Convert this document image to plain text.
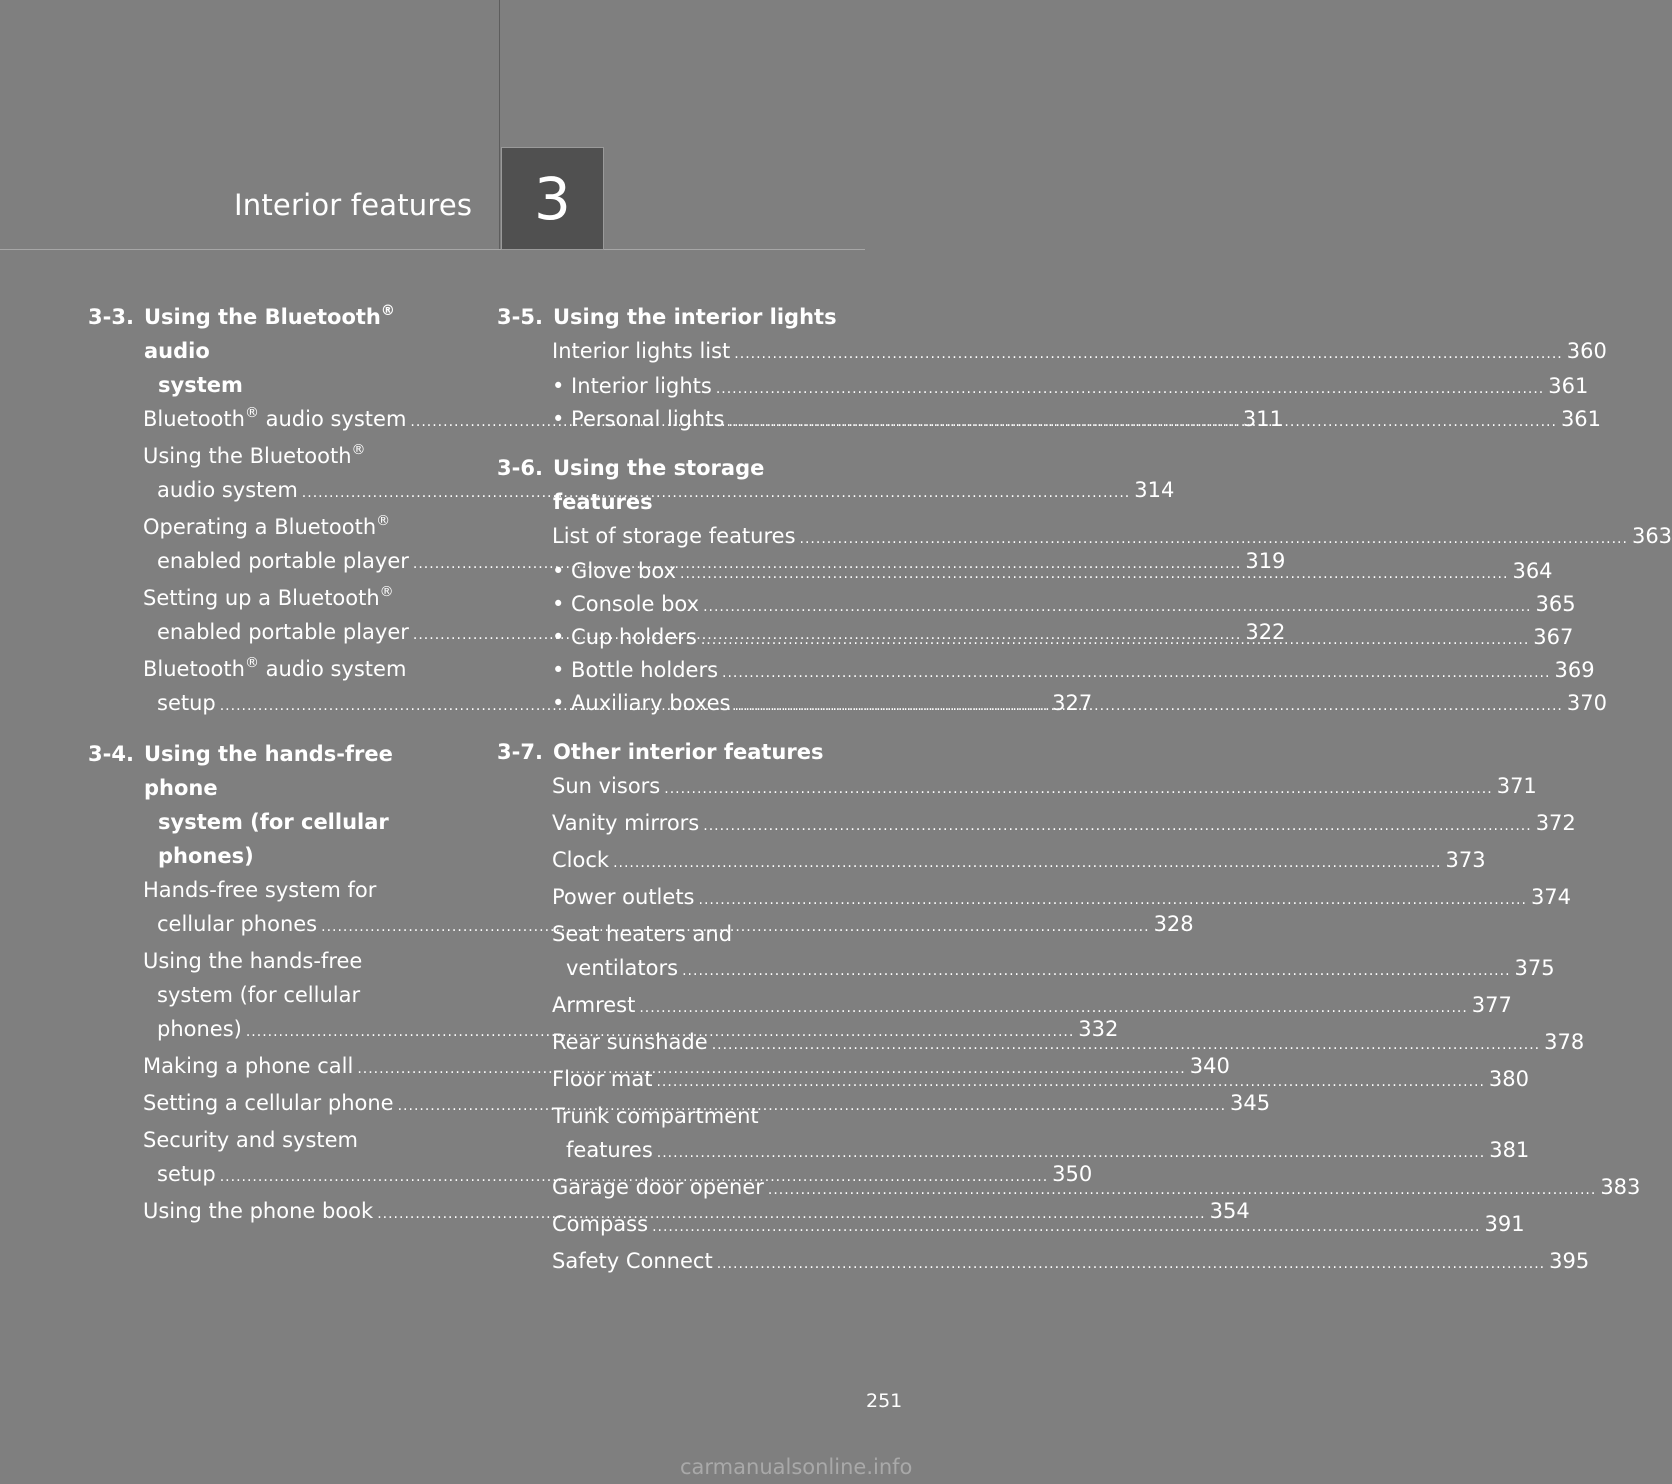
Interior features 3
3-3. Using the Bluetooth® audio
system
Bluetooth® audio system .....	311
Using the Bluetooth®
audio system .....	314
Operating a Bluetooth®
enabled portable player .....	319
Setting up a Bluetooth®
enabled portable player .....	322
Bluetooth® audio system
setup .....	327
3-4. Using the hands-free phone
system (for cellular phones)
Hands-free system for
cellular phones .....	328
Using the hands-free
system (for cellular
phones) .....	332
Making a phone call .....	340
Setting a cellular phone .....	345
Security and system
setup .....	350
Using the phone book .....	354
3-5. Using the interior lights
Interior lights list .....	360
• Interior lights .....	361
• Personal lights .....	361
3-6. Using the storage features
List of storage features .....	363
• Glove box .....	364
• Console box .....	365
• Cup holders .....	367
• Bottle holders .....	369
• Auxiliary boxes .....	370
3-7. Other interior features
Sun visors .....	371
Vanity mirrors .....	372
Clock .....	373
Power outlets .....	374
Seat heaters and
ventilators .....	375
Armrest .....	377
Rear sunshade .....	378
Floor mat .....	380
Trunk compartment
features .....	381
Garage door opener .....	383
Compass .....	391
Safety Connect .....	395
251
carmanualsonline.info
